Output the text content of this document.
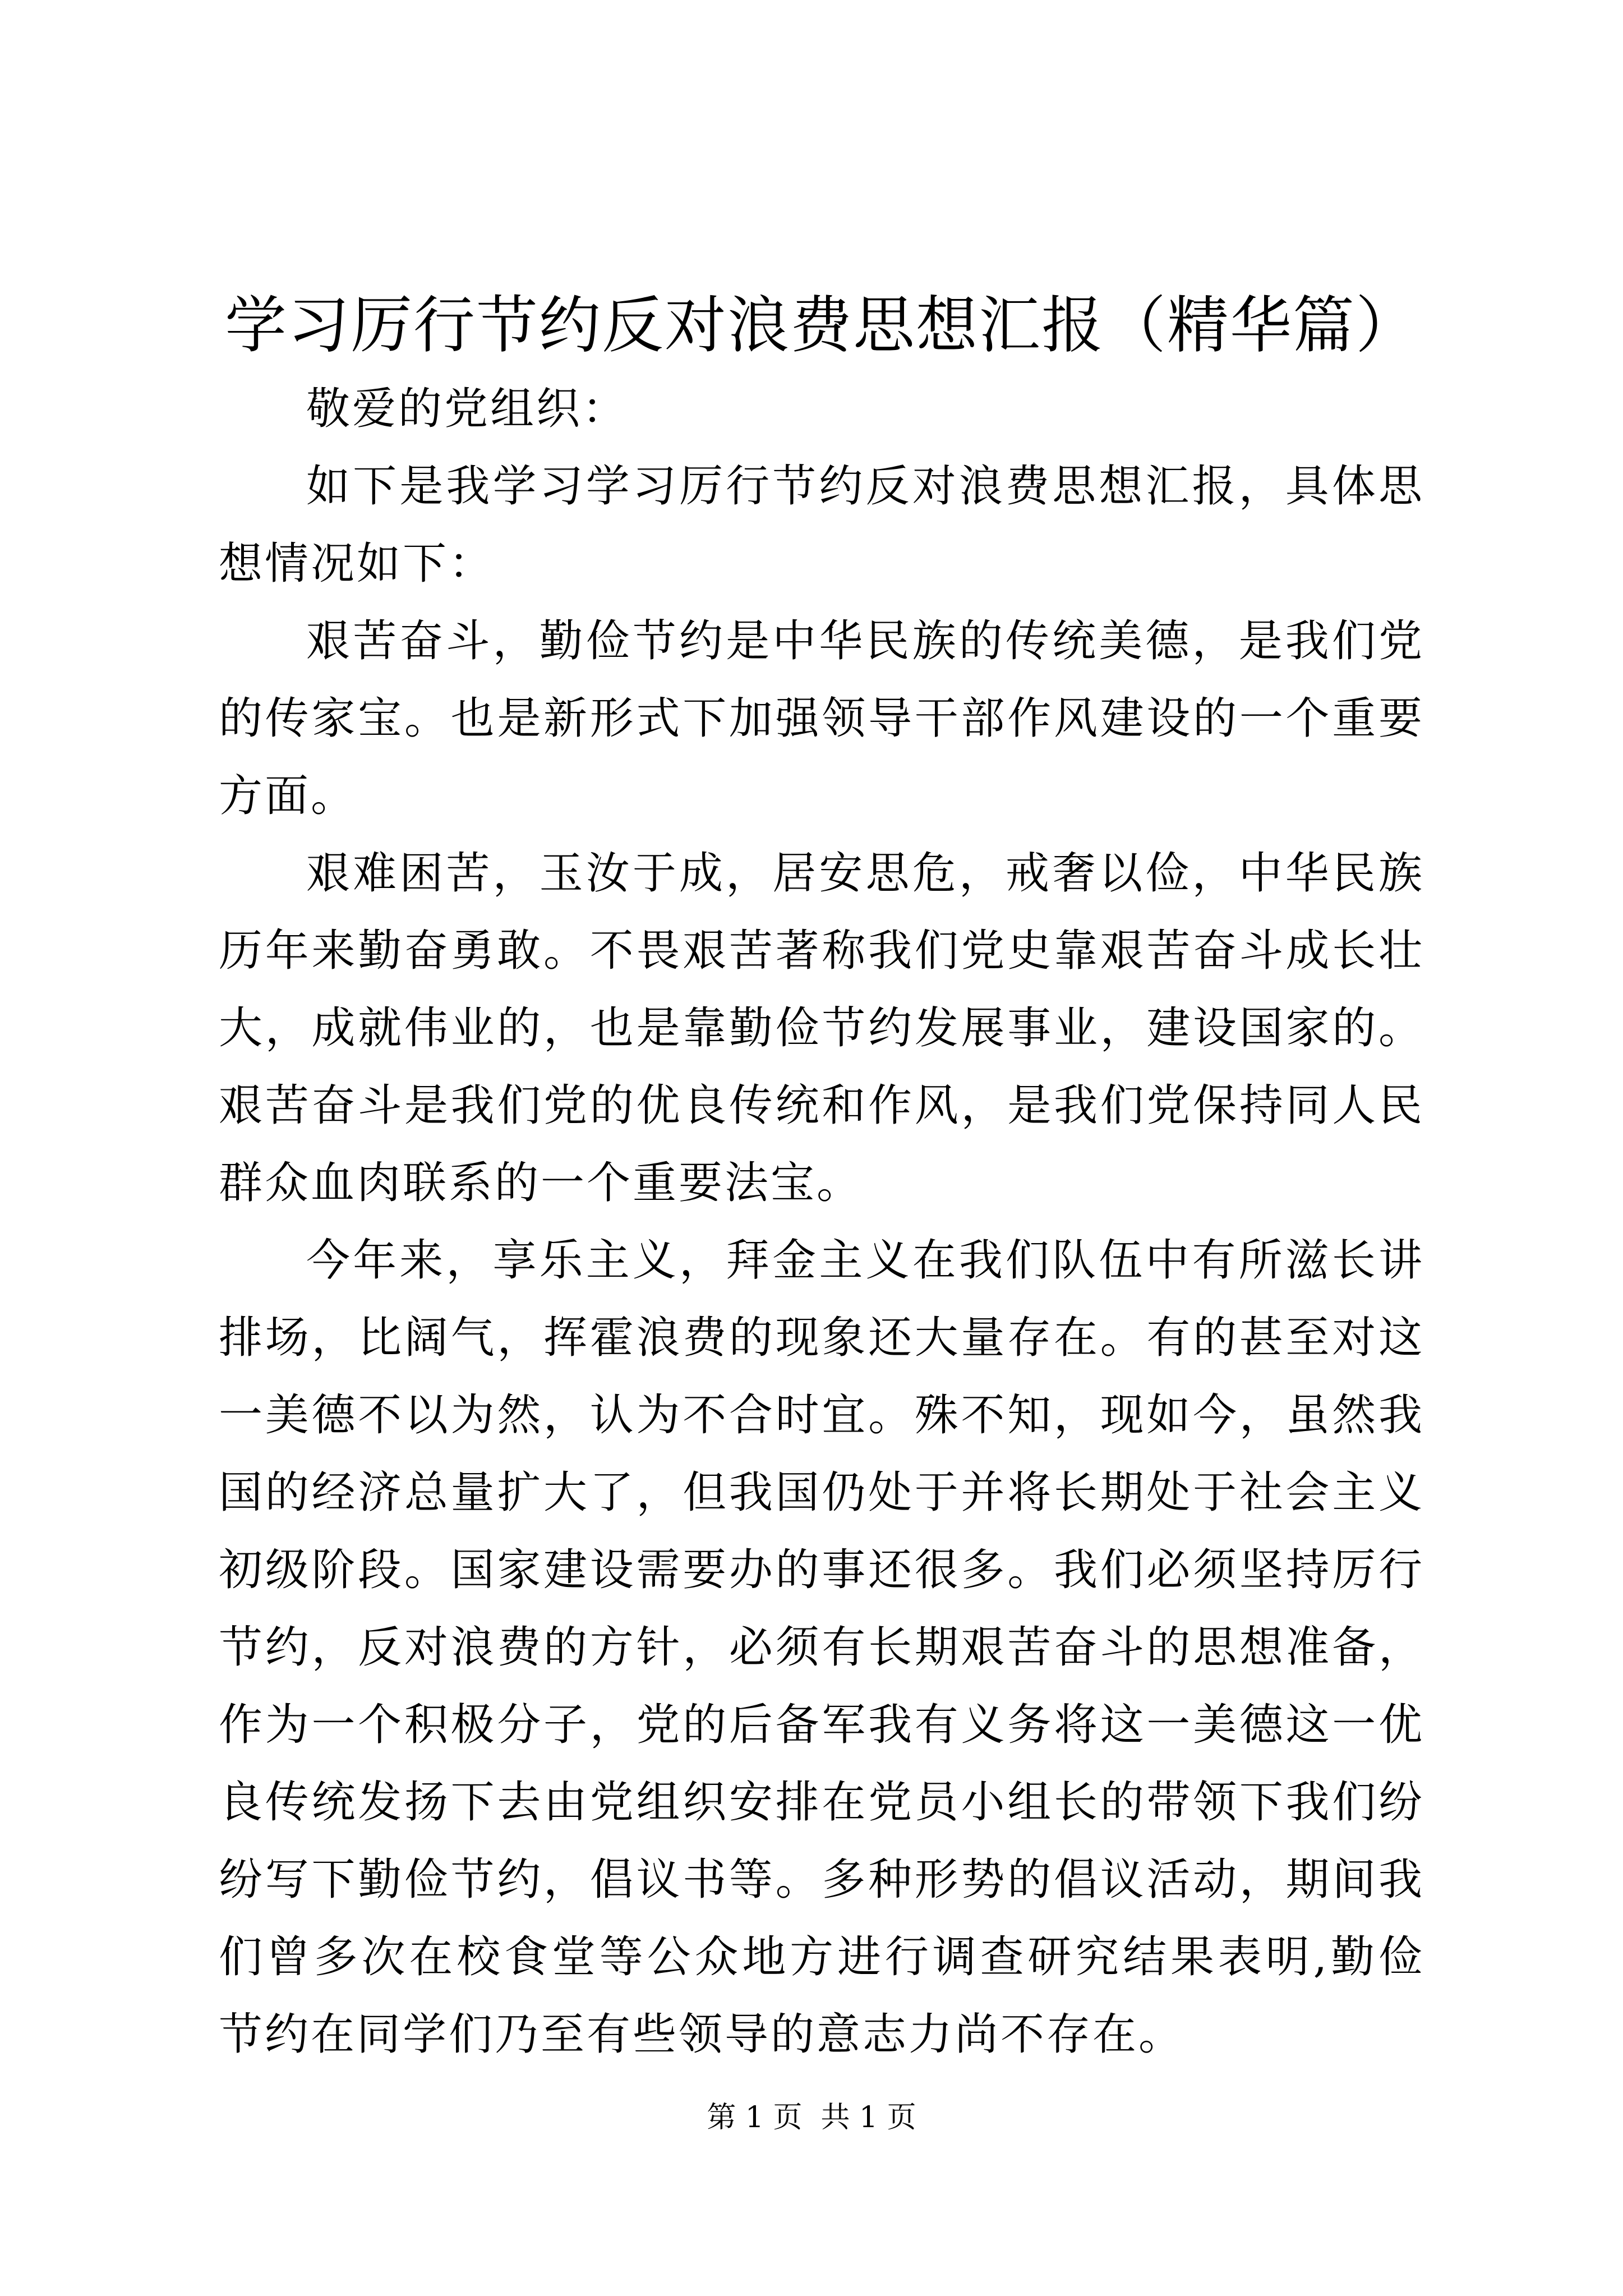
学习厉行节约反对浪费思想汇报（精华篇）

敬爱的党组织：

如下是我学习学习厉行节约反对浪费思想汇报，具体思想情况如下：

艰苦奋斗，勤俭节约是中华民族的传统美德，是我们党的传家宝。也是新形式下加强领导干部作风建设的一个重要方面。

艰难困苦，玉汝于成，居安思危，戒奢以俭，中华民族历年来勤奋勇敢。不畏艰苦著称我们党史靠艰苦奋斗成长壮大，成就伟业的，也是靠勤俭节约发展事业，建设国家的。艰苦奋斗是我们党的优良传统和作风，是我们党保持同人民群众血肉联系的一个重要法宝。

今年来，享乐主义，拜金主义在我们队伍中有所滋长讲排场，比阔气，挥霍浪费的现象还大量存在。有的甚至对这一美德不以为然，认为不合时宜。殊不知，现如今，虽然我国的经济总量扩大了，但我国仍处于并将长期处于社会主义初级阶段。国家建设需要办的事还很多。我们必须坚持厉行节约，反对浪费的方针，必须有长期艰苦奋斗的思想准备，作为一个积极分子，党的后备军我有义务将这一美德这一优良传统发扬下去由党组织安排在党员小组长的带领下我们纷纷写下勤俭节约，倡议书等。多种形势的倡议活动，期间我们曾多次在校食堂等公众地方进行调查研究结果表明,勤俭节约在同学们乃至有些领导的意志力尚不存在。

第 1 页  共 1 页
